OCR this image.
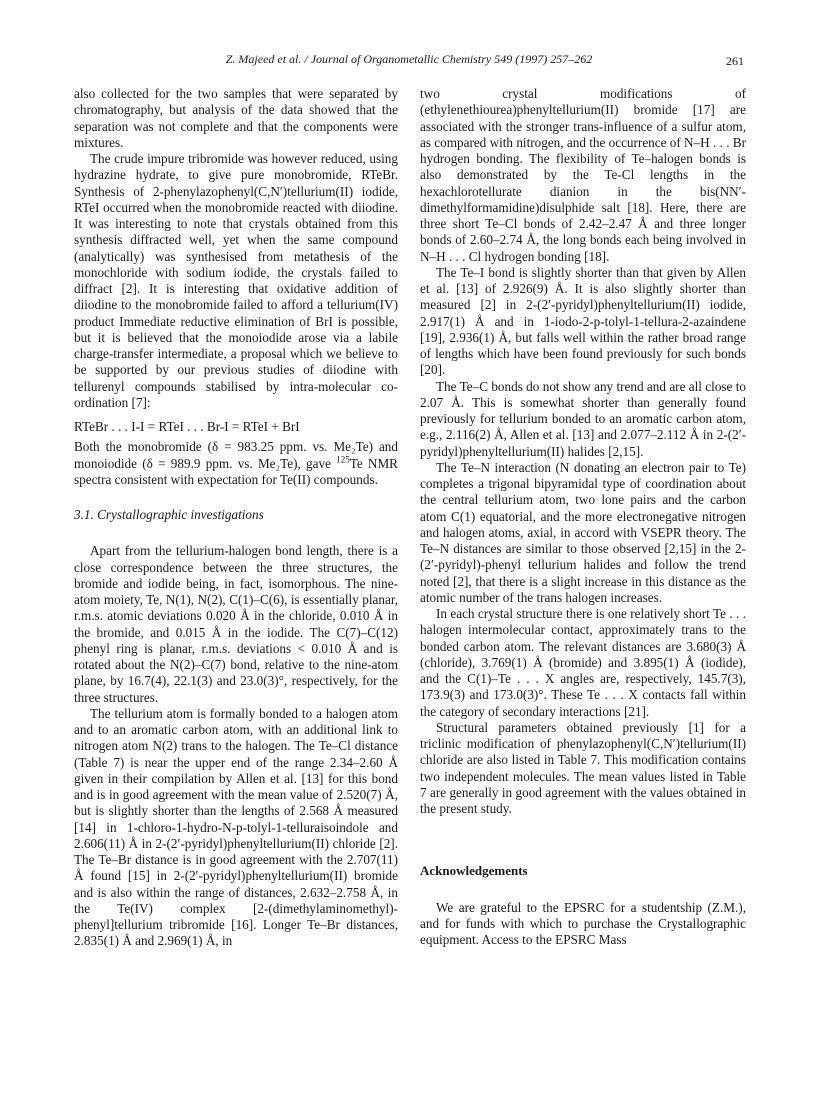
Z. Majeed et al. / Journal of Organometallic Chemistry 549 (1997) 257–262	261

also collected for the two samples that were separated by chromatography, but analysis of the data showed that the separation was not complete and that the components were mixtures.

The crude impure tribromide was however reduced, using hydrazine hydrate, to give pure monobromide, RTeBr. Synthesis of 2-phenylazophenyl(C,N′)tellurium(II) iodide, RTeI occurred when the monobromide reacted with diiodine. It was interesting to note that crystals obtained from this synthesis diffracted well, yet when the same compound (analytically) was synthesised from metathesis of the monochloride with sodium iodide, the crystals failed to diffract [2]. It is interesting that oxidative addition of diiodine to the monobromide failed to afford a tellurium(IV) product Immediate reductive elimination of BrI is possible, but it is believed that the monoiodide arose via a labile charge-transfer intermediate, a proposal which we believe to be supported by our previous studies of diiodine with tellurenyl compounds stabilised by intra-molecular co-ordination [7]:

RTeBr . . . I-I = RTeI . . . Br-I = RTeI + BrI

Both the monobromide (δ = 983.25 ppm. vs. Me₂Te) and monoiodide (δ = 989.9 ppm. vs. Me₂Te), gave $^{125}$Te NMR spectra consistent with expectation for Te(II) compounds.

3.1. Crystallographic investigations

Apart from the tellurium-halogen bond length, there is a close correspondence between the three structures, the bromide and iodide being, in fact, isomorphous. The nine-atom moiety, Te, N(1), N(2), C(1)–C(6), is essentially planar, r.m.s. atomic deviations 0.020 Å in the chloride, 0.010 Å in the bromide, and 0.015 Å in the iodide. The C(7)–C(12) phenyl ring is planar, r.m.s. deviations < 0.010 Å and is rotated about the N(2)–C(7) bond, relative to the nine-atom plane, by 16.7(4), 22.1(3) and 23.0(3)°, respectively, for the three structures.

The tellurium atom is formally bonded to a halogen atom and to an aromatic carbon atom, with an additional link to nitrogen atom N(2) trans to the halogen. The Te–Cl distance (Table 7) is near the upper end of the range 2.34–2.60 Å given in their compilation by Allen et al. [13] for this bond and is in good agreement with the mean value of 2.520(7) Å, but is slightly shorter than the lengths of 2.568 Å measured [14] in 1-chloro-1-hydro-N-p-tolyl-1-telluraisoindole and 2.606(11) Å in 2-(2′-pyridyl)phenyltellurium(II) chloride [2]. The Te–Br distance is in good agreement with the 2.707(11) Å found [15] in 2-(2′-pyridyl)phenyltellurium(II) bromide and is also within the range of distances, 2.632–2.758 Å, in the Te(IV) complex [2-(dimethylaminomethyl)-phenyl]tellurium tribromide [16]. Longer Te–Br distances, 2.835(1) Å and 2.969(1) Å, in

two crystal modifications of (ethylenethiourea)phenyltellurium(II) bromide [17] are associated with the stronger trans-influence of a sulfur atom, as compared with nitrogen, and the occurrence of N–H . . . Br hydrogen bonding. The flexibility of Te–halogen bonds is also demonstrated by the Te-Cl lengths in the hexachlorotellurate dianion in the bis(NN′-dimethylformamidine)disulphide salt [18]. Here, there are three short Te–Cl bonds of 2.42–2.47 Å and three longer bonds of 2.60–2.74 Å, the long bonds each being involved in N–H . . . Cl hydrogen bonding [18].

The Te–I bond is slightly shorter than that given by Allen et al. [13] of 2.926(9) Å. It is also slightly shorter than measured [2] in 2-(2′-pyridyl)phenyltellurium(II) iodide, 2.917(1) Å and in 1-iodo-2-p-tolyl-1-tellura-2-azaindene [19], 2.936(1) Å, but falls well within the rather broad range of lengths which have been found previously for such bonds [20].

The Te–C bonds do not show any trend and are all close to 2.07 Å. This is somewhat shorter than generally found previously for tellurium bonded to an aromatic carbon atom, e.g., 2.116(2) Å, Allen et al. [13] and 2.077–2.112 Å in 2-(2′-pyridyl)phenyltellurium(II) halides [2,15].

The Te–N interaction (N donating an electron pair to Te) completes a trigonal bipyramidal type of coordination about the central tellurium atom, two lone pairs and the carbon atom C(1) equatorial, and the more electronegative nitrogen and halogen atoms, axial, in accord with VSEPR theory. The Te–N distances are similar to those observed [2,15] in the 2-(2′-pyridyl)-phenyl tellurium halides and follow the trend noted [2], that there is a slight increase in this distance as the atomic number of the trans halogen increases.

In each crystal structure there is one relatively short Te . . . halogen intermolecular contact, approximately trans to the bonded carbon atom. The relevant distances are 3.680(3) Å (chloride), 3.769(1) Å (bromide) and 3.895(1) Å (iodide), and the C(1)–Te . . . X angles are, respectively, 145.7(3), 173.9(3) and 173.0(3)°. These Te . . . X contacts fall within the category of secondary interactions [21].

Structural parameters obtained previously [1] for a triclinic modification of phenylazophenyl(C,N′)tellurium(II) chloride are also listed in Table 7. This modification contains two independent molecules. The mean values listed in Table 7 are generally in good agreement with the values obtained in the present study.

Acknowledgements

We are grateful to the EPSRC for a studentship (Z.M.), and for funds with which to purchase the Crystallographic equipment. Access to the EPSRC Mass
